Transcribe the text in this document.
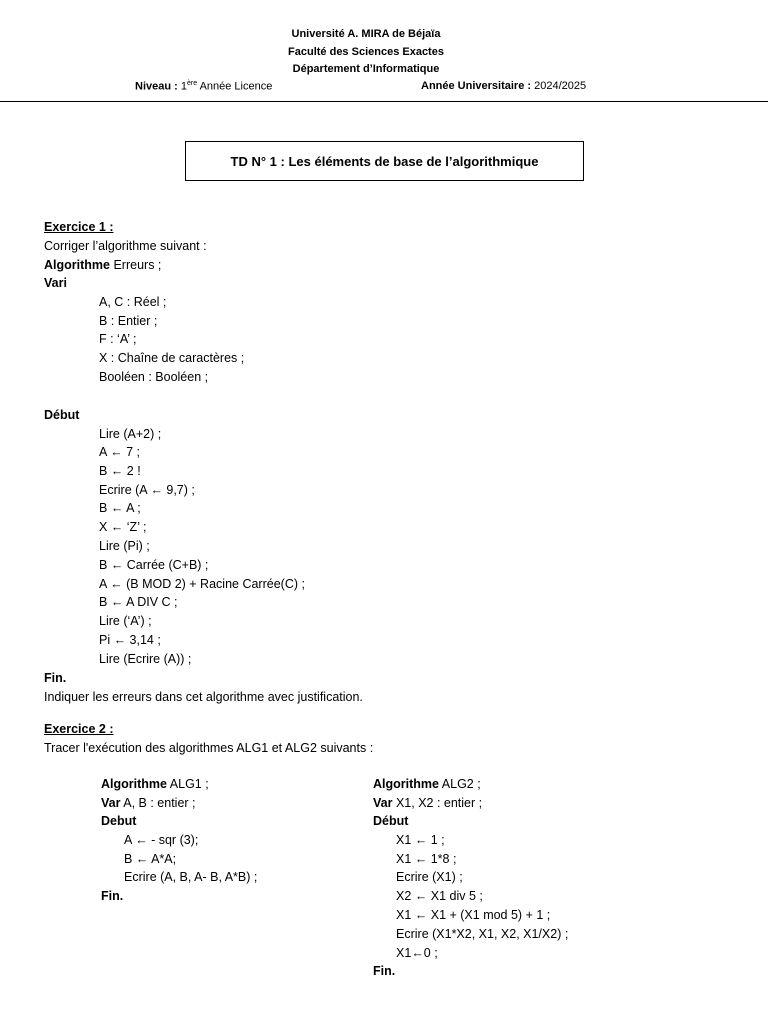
Université A. MIRA de Béjaïa
Faculté des Sciences Exactes
Département d’Informatique
Niveau : 1ère Année Licence	Année Universitaire : 2024/2025
TD N° 1 : Les éléments de base de l’algorithmique
Exercice 1 :
Corriger l’algorithme suivant :
Algorithme Erreurs ;
Vari
A, C : Réel ;
B : Entier ;
F : ‘A’ ;
X : Chaîne de caractères ;
Booléen : Booléen ;
Début
Lire (A+2) ;
A ← 7 ;
B ← 2 !
Ecrire (A ← 9,7) ;
B ← A ;
X ← ‘Z’ ;
Lire (Pi) ;
B ← Carrée (C+B) ;
A ← (B MOD 2) + Racine Carrée(C) ;
B ← A DIV C ;
Lire (‘A’) ;
Pi ← 3,14 ;
Lire (Ecrire (A)) ;
Fin.
Indiquer les erreurs dans cet algorithme avec justification.
Exercice 2 :
Tracer l'exécution des algorithmes ALG1 et ALG2 suivants :
Algorithme ALG1 ;
Var A, B : entier ;
Debut
A ← - sqr (3);
B ← A*A;
Ecrire (A, B, A- B, A*B) ;
Fin.
Algorithme ALG2 ;
Var X1, X2 : entier ;
Début
X1 ← 1 ;
X1 ← 1*8 ;
Ecrire (X1) ;
X2 ← X1 div 5 ;
X1 ← X1 + (X1 mod 5) + 1 ;
Ecrire (X1*X2, X1, X2, X1/X2) ;
X1←0 ;
Fin.
